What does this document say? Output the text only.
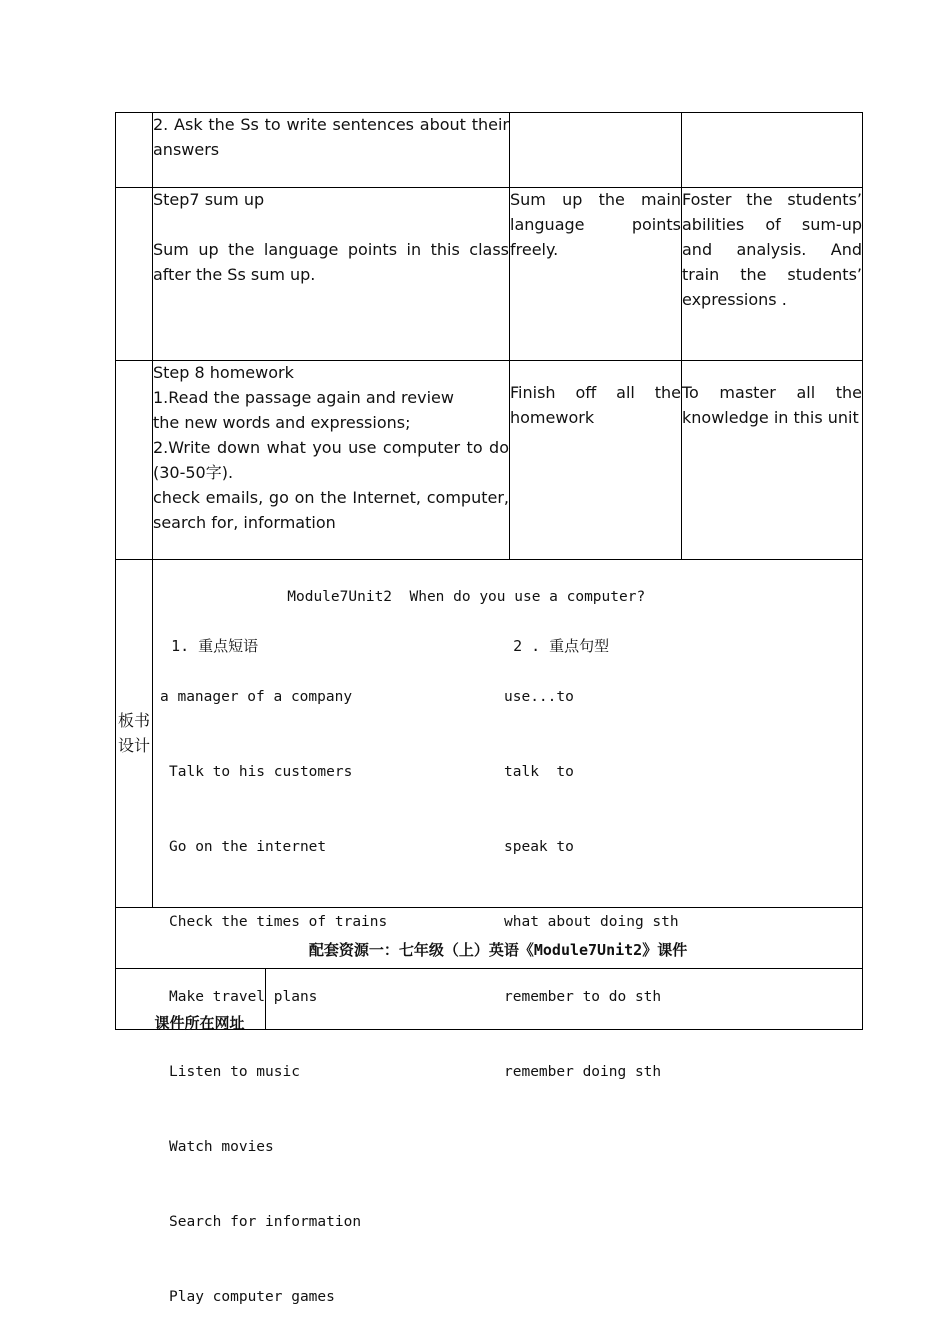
2. Ask the Ss to write sentences about their answers
Step7 sum up
Sum up the language points in this class after the Ss sum up.
Sum up the main language points freely.
Foster the students’ abilities of sum-up and analysis. And train the students’ expressions .
Step 8 homework
1.Read the passage again and review
the new words and expressions;
2.Write down what you use computer to do (30-50字).
check emails, go on the Internet, computer, search for, information
Finish off all the homework
To master all the knowledge in this unit
板书设计

Module7Unit2  When do you use a computer?

1. 重点短语

a manager of a company

Talk to his customers

Go on the internet

Check the times of trains

Make travel plans

Listen to music

Watch movies

Search for information

Play computer games

2 . 重点句型

use...to

talk  to

speak to

what about doing sth

remember to do sth

remember doing sth

配套资源一：七年级（上）英语《Module7Unit2》课件

课件所在网址
